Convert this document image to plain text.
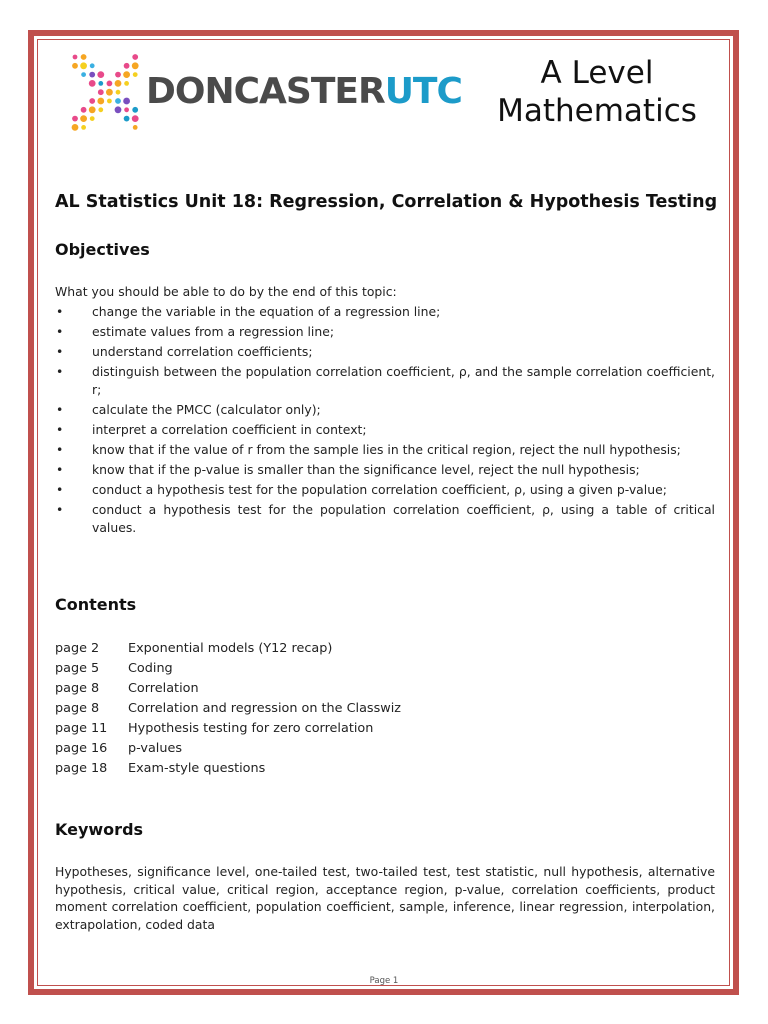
DONCASTERUTC	A Level
Mathematics
AL Statistics Unit 18: Regression, Correlation & Hypothesis Testing
Objectives
What you should be able to do by the end of this topic:
• change the variable in the equation of a regression line;
• estimate values from a regression line;
• understand correlation coefficients;
• distinguish between the population correlation coefficient, ρ, and the sample correlation coefficient, r;
• calculate the PMCC (calculator only);
• interpret a correlation coefficient in context;
• know that if the value of r from the sample lies in the critical region, reject the null hypothesis;
• know that if the p-value is smaller than the significance level, reject the null hypothesis;
• conduct a hypothesis test for the population correlation coefficient, ρ, using a given p-value;
• conduct a hypothesis test for the population correlation coefficient, ρ, using a table of critical values.
Contents
page 2	Exponential models (Y12 recap)
page 5	Coding
page 8	Correlation
page 8	Correlation and regression on the Classwiz
page 11	Hypothesis testing for zero correlation
page 16	p-values
page 18	Exam-style questions
Keywords
Hypotheses, significance level, one-tailed test, two-tailed test, test statistic, null hypothesis, alternative hypothesis, critical value, critical region, acceptance region, p-value, correlation coefficients, product moment correlation coefficient, population coefficient, sample, inference, linear regression, interpolation, extrapolation, coded data
Page 1
